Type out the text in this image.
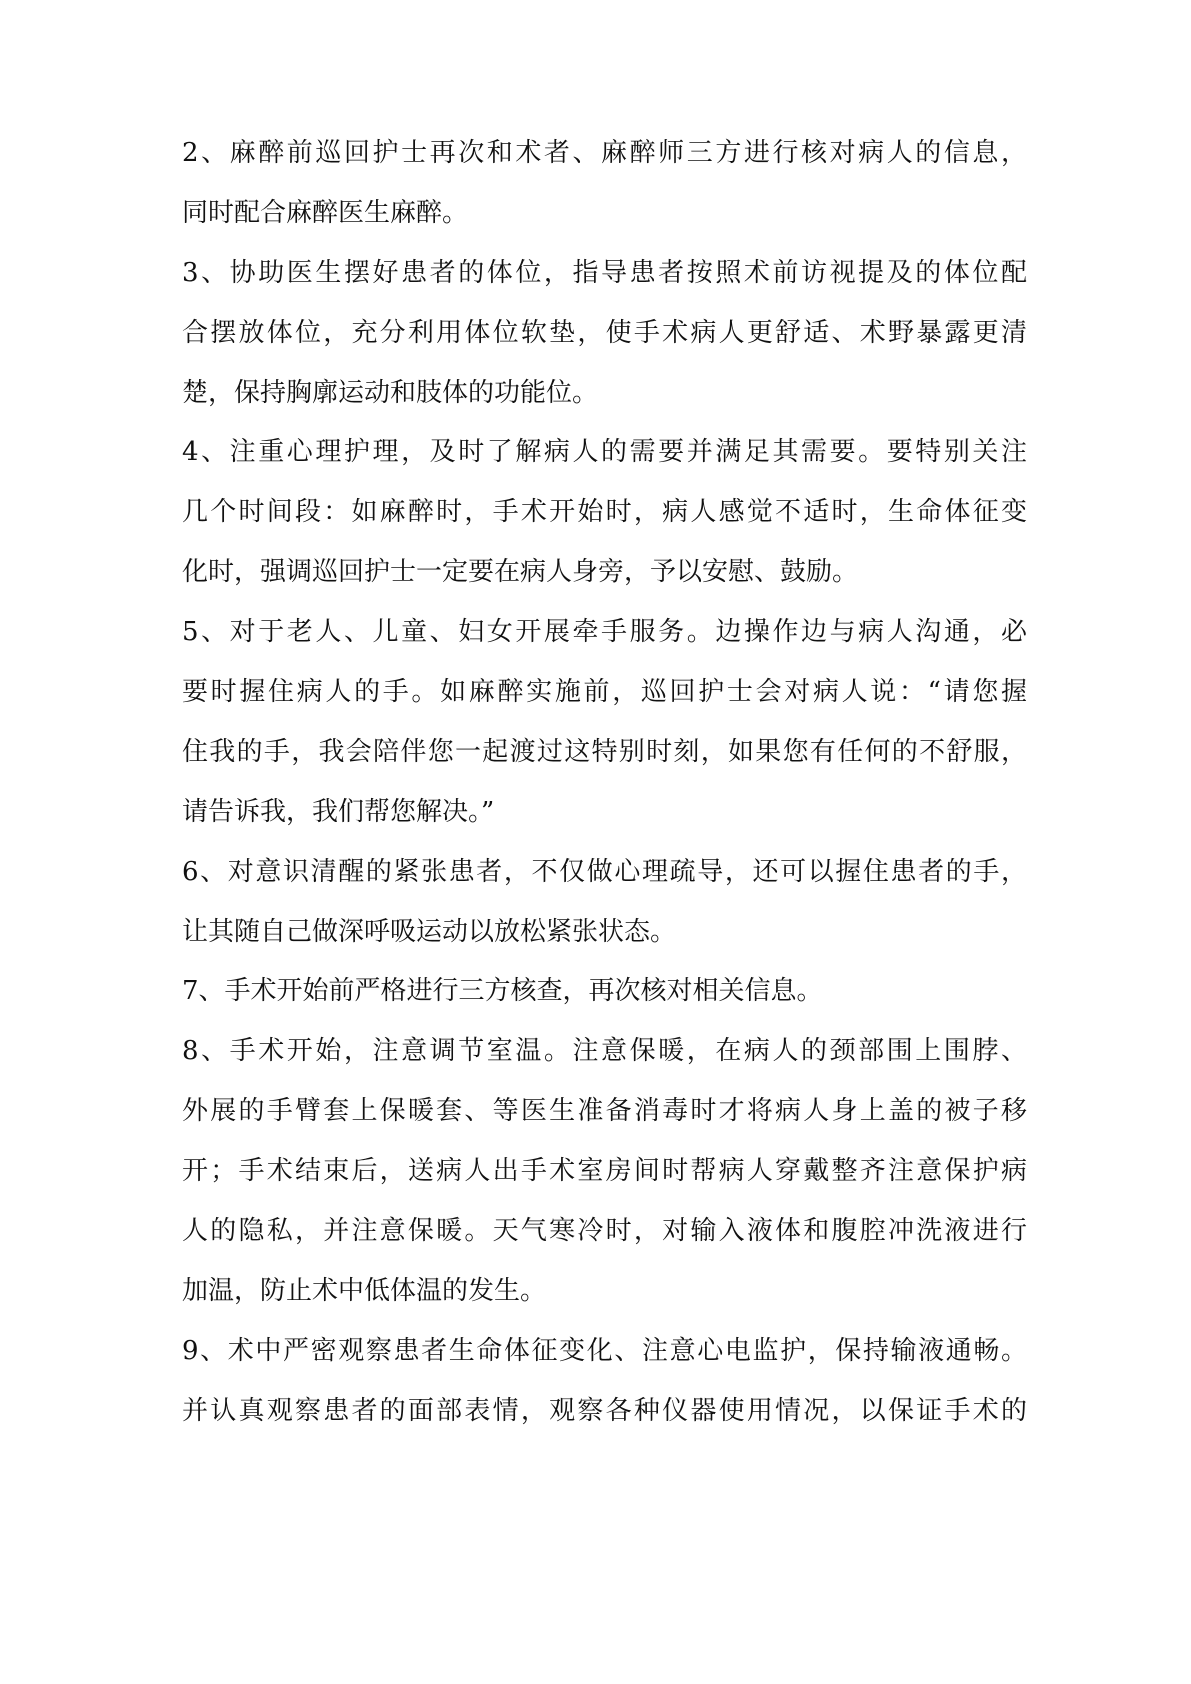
2、麻醉前巡回护士再次和术者、麻醉师三方进行核对病人的信息，
同时配合麻醉医生麻醉。
3、协助医生摆好患者的体位，指导患者按照术前访视提及的体位配
合摆放体位，充分利用体位软垫，使手术病人更舒适、术野暴露更清
楚，保持胸廓运动和肢体的功能位。
4、注重心理护理，及时了解病人的需要并满足其需要。要特别关注
几个时间段：如麻醉时，手术开始时，病人感觉不适时，生命体征变
化时，强调巡回护士一定要在病人身旁，予以安慰、鼓励。
5、对于老人、儿童、妇女开展牵手服务。边操作边与病人沟通，必
要时握住病人的手。如麻醉实施前，巡回护士会对病人说：“请您握
住我的手，我会陪伴您一起渡过这特别时刻，如果您有任何的不舒服，
请告诉我，我们帮您解决。”
6、对意识清醒的紧张患者，不仅做心理疏导，还可以握住患者的手，
让其随自己做深呼吸运动以放松紧张状态。
7、手术开始前严格进行三方核查，再次核对相关信息。
8、手术开始，注意调节室温。注意保暖，在病人的颈部围上围脖、
外展的手臂套上保暖套、等医生准备消毒时才将病人身上盖的被子移
开；手术结束后，送病人出手术室房间时帮病人穿戴整齐注意保护病
人的隐私，并注意保暖。天气寒冷时，对输入液体和腹腔冲洗液进行
加温，防止术中低体温的发生。
9、术中严密观察患者生命体征变化、注意心电监护，保持输液通畅。
并认真观察患者的面部表情，观察各种仪器使用情况，以保证手术的
